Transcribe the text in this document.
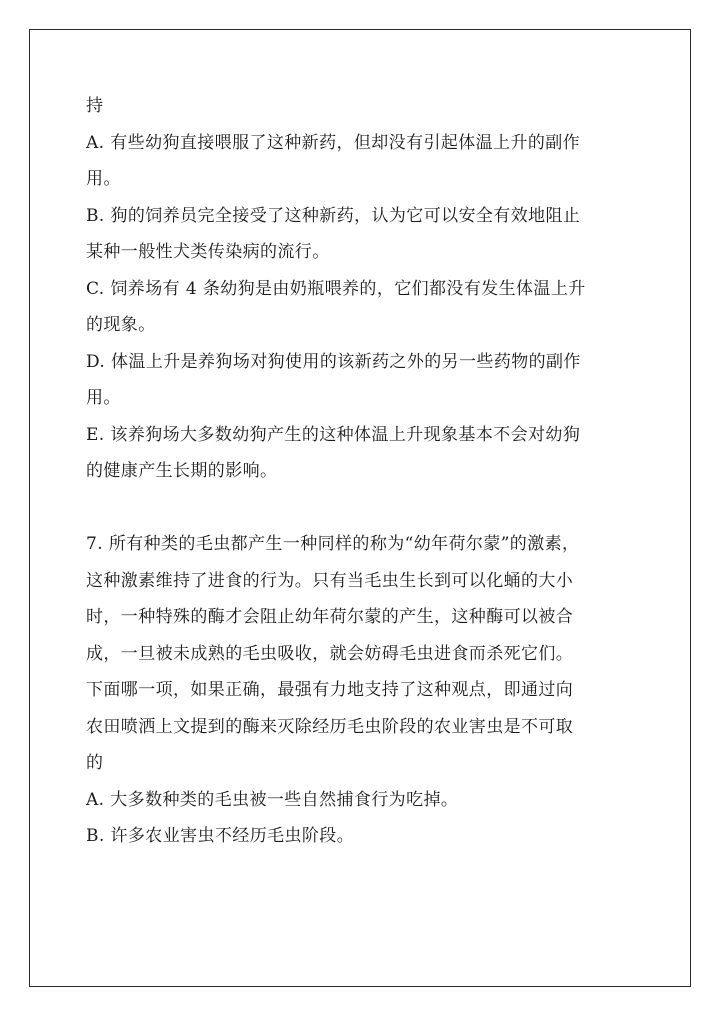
持
A. 有些幼狗直接喂服了这种新药，但却没有引起体温上升的副作
用。
B. 狗的饲养员完全接受了这种新药，认为它可以安全有效地阻止
某种一般性犬类传染病的流行。
C. 饲养场有 4 条幼狗是由奶瓶喂养的，它们都没有发生体温上升
的现象。
D. 体温上升是养狗场对狗使用的该新药之外的另一些药物的副作
用。
E. 该养狗场大多数幼狗产生的这种体温上升现象基本不会对幼狗
的健康产生长期的影响。
7. 所有种类的毛虫都产生一种同样的称为“幼年荷尔蒙”的激素，
这种激素维持了进食的行为。只有当毛虫生长到可以化蛹的大小
时，一种特殊的酶才会阻止幼年荷尔蒙的产生，这种酶可以被合
成，一旦被未成熟的毛虫吸收，就会妨碍毛虫进食而杀死它们。
下面哪一项，如果正确，最强有力地支持了这种观点，即通过向
农田喷洒上文提到的酶来灭除经历毛虫阶段的农业害虫是不可取
的
A. 大多数种类的毛虫被一些自然捕食行为吃掉。
B. 许多农业害虫不经历毛虫阶段。
